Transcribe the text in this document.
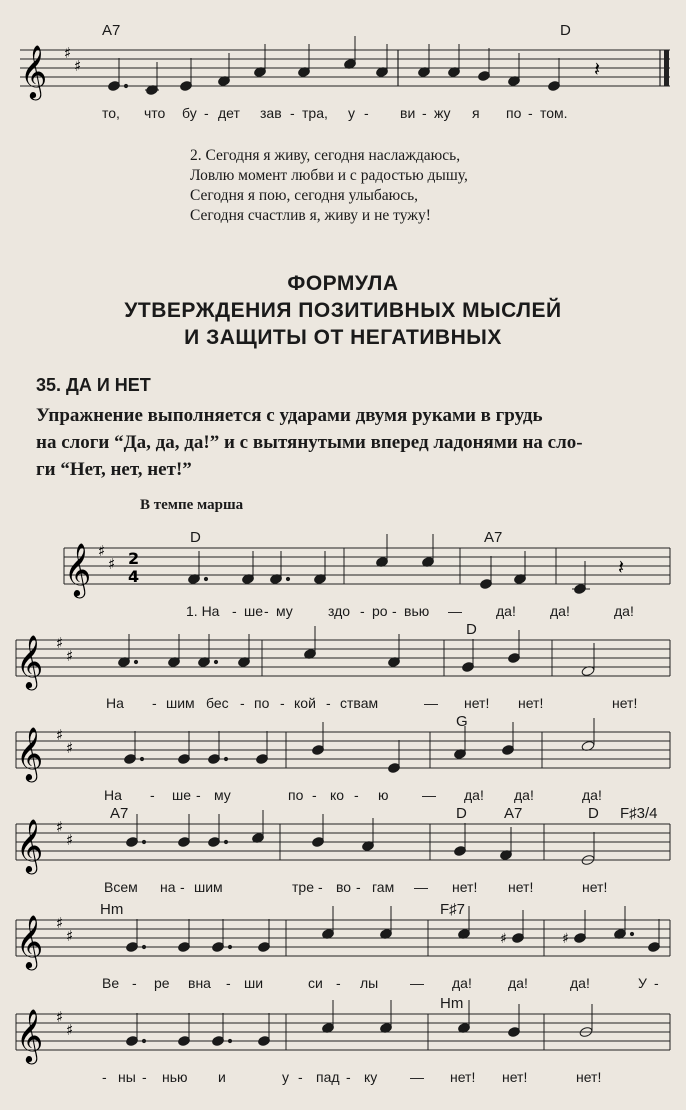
A7	D
𝄞 ♯
♯	𝄽
то, что бу - дет зав - тра, у - ви - жу я по - том.
2. Сегодня я живу, сегодня наслаждаюсь,
Ловлю момент любви и с радостью дышу,
Сегодня я пою, сегодня улыбаюсь,
Сегодня счастлив я, живу и не тужу!
ФОРМУЛА
УТВЕРЖДЕНИЯ ПОЗИТИВНЫХ МЫСЛЕЙ
И ЗАЩИТЫ ОТ НЕГАТИВНЫХ
35. ДА И НЕТ
Упражнение выполняется с ударами двумя руками в грудь
на слоги “Да, да, да!” и с вытянутыми вперед ладонями на сло-
ги “Нет, нет, нет!”
В темпе марша
D	A7
𝄞 ♯
♯ 2
4	𝄽
1. На - ше - му	здо - ро - вью — да! да!	да!
D
𝄞 ♯
♯
На - шим бес - по - кой - ствам	— нет! нет!	нет!
G
𝄞 ♯
♯
На - ше - му	по - ко - ю — да! да!	да!
A7	D A7	D F♯3/4
𝄞 ♯
♯
Всем на - шим	тре - во - гам — нет! нет!	нет!
Hm	F♯7
𝄞 ♯
♯	♯	♯
Ве - ре вна - ши	си - лы — да!	да!	да!	У -
Hm
𝄞 ♯
♯
- ны - нью и	у - пад - ку — нет! нет!	нет!
